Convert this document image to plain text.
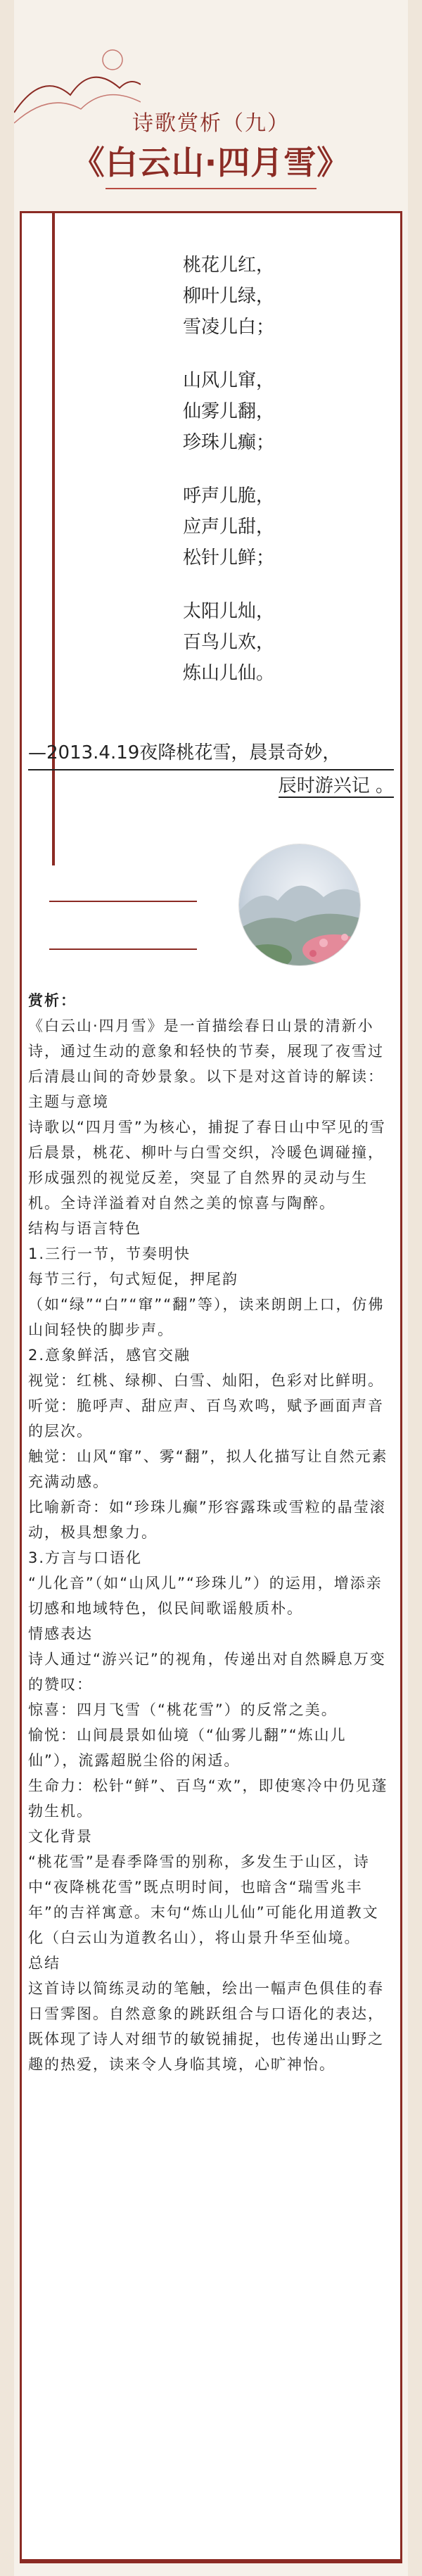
诗歌赏析（九）
《白云山·四月雪》
桃花儿红，
柳叶儿绿，
雪凌儿白；
山风儿窜，
仙雾儿翻，
珍珠儿癫；
呼声儿脆，
应声儿甜，
松针儿鲜；
太阳儿灿，
百鸟儿欢，
炼山儿仙。
—2013.4.19夜降桃花雪，晨景奇妙，
辰时游兴记 。

赏析：

《白云山·四月雪》是一首描绘春日山景的清新小诗，通过生动的意象和轻快的节奏，展现了夜雪过后清晨山间的奇妙景象。以下是对这首诗的解读：

主题与意境

诗歌以“四月雪”为核心，捕捉了春日山中罕见的雪后晨景，桃花、柳叶与白雪交织，冷暖色调碰撞，形成强烈的视觉反差，突显了自然界的灵动与生机。全诗洋溢着对自然之美的惊喜与陶醉。

结构与语言特色

1.三行一节，节奏明快

每节三行，句式短促，押尾韵（如“绿”“白”“窜”“翻”等），读来朗朗上口，仿佛山间轻快的脚步声。

2.意象鲜活，感官交融

视觉：红桃、绿柳、白雪、灿阳，色彩对比鲜明。

听觉：脆呼声、甜应声、百鸟欢鸣，赋予画面声音的层次。

触觉：山风“窜”、雾“翻”，拟人化描写让自然元素充满动感。

比喻新奇：如“珍珠儿癫”形容露珠或雪粒的晶莹滚动，极具想象力。

3.方言与口语化

“儿化音”（如“山风儿”“珍珠儿”）的运用，增添亲切感和地域特色，似民间歌谣般质朴。

情感表达

诗人通过“游兴记”的视角，传递出对自然瞬息万变的赞叹：

惊喜：四月飞雪（“桃花雪”）的反常之美。

愉悦：山间晨景如仙境（“仙雾儿翻”“炼山儿仙”），流露超脱尘俗的闲适。

生命力：松针“鲜”、百鸟“欢”，即使寒冷中仍见蓬勃生机。

文化背景

“桃花雪”是春季降雪的别称，多发生于山区，诗中“夜降桃花雪”既点明时间，也暗含“瑞雪兆丰年”的吉祥寓意。末句“炼山儿仙”可能化用道教文化（白云山为道教名山），将山景升华至仙境。

总结

这首诗以简练灵动的笔触，绘出一幅声色俱佳的春日雪霁图。自然意象的跳跃组合与口语化的表达，既体现了诗人对细节的敏锐捕捉，也传递出山野之趣的热爱，读来令人身临其境，心旷神怡。
